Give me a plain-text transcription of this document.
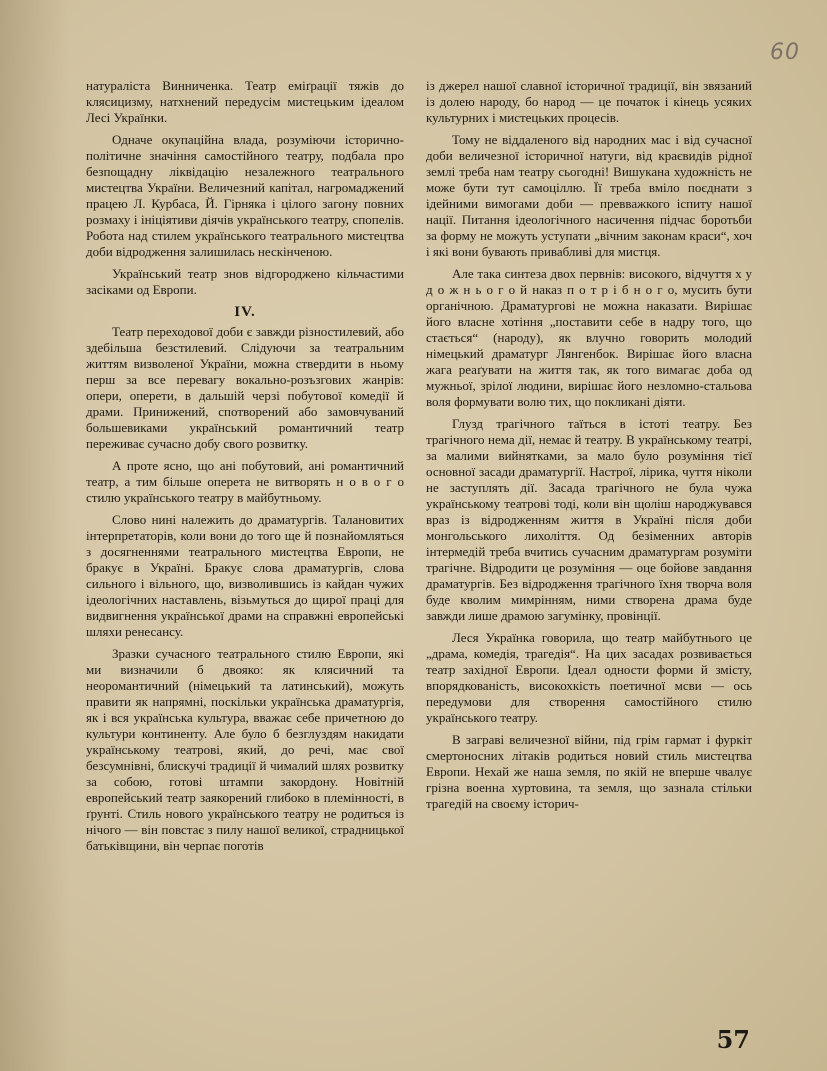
60

натураліста Винниченка. Театр еміґрації тяжів до клясицизму, натхнений передусім мистецьким ідеалом Лесі Українки.

Одначе окупаційна влада, розуміючи історично-політичне значіння самостійного театру, подбала про безпощадну ліквідацію незалежного театрального мистецтва України. Величезний капітал, нагромаджений працею Л. Курбаса, Й. Гірняка і цілого загону повних розмаху і ініціятиви діячів українського театру, спопелів. Робота над стилем українського театрального мистецтва доби відродження залишилась нескінченою.

Український театр знов відгороджено кільчастими засіками од Европи.

IV.

Театр переходової доби є завжди різностилевий, або здебільша безстилевий. Слідуючи за театральним життям визволеної України, можна ствердити в ньому перш за все перевагу вокально-розъзгових жанрів: опери, оперети, в дальшій черзі побутової комедії й драми. Принижений, спотворений або замовчуваний большевиками український романтичний театр переживає сучасно добу свого розвитку.

А проте ясно, що ані побутовий, ані романтичний театр, а тим більше оперета не витворять н о в о г о стилю українського театру в майбутньому.

Слово нині належить до драматургів. Талановитих інтерпретаторів, коли вони до того ще й познайомляться з досягненнями театрального мистецтва Европи, не бракує в Україні. Бракує слова драматургів, слова сильного і вільного, що, визволившись із кайдан чужих ідеологічних наставлень, візьмуться до щирої праці для видвигнення української драми на справжні европейські шляхи ренесансу.

Зразки сучасного театрального стилю Европи, які ми визначили б двояко: як клясичний та неоромантичний (німецький та латинський), можуть правити як напрямні, поскільки українська драматургія, як і вся українська культура, вважає себе причетною до культури континенту. Але було б безглуздям накидати українському театрові, який, до речі, має свої безсумнівні, блискучі традиції й чималий шлях розвитку за собою, готові штампи закордону. Новітній европейський театр заякорений глибоко в племінності, в ґрунті. Стиль нового українського театру не родиться із нічого — він повстає з пилу нашої великої, страдницької батьківщини, він черпає поготів

із джерел нашої славної історичної традиції, він звязаний із долею народу, бо народ — це початок і кінець усяких культурних і мистецьких процесів.

Тому не віддаленого від народних мас і від сучасної доби величезної історичної натуги, від краєвидів рідної землі треба нам театру сьогодні! Вишукана художність не може бути тут самоціллю. Її треба вміло поєднати з ідейними вимогами доби — превважкого іспиту нашої нації. Питання ідеологічного насичення підчас боротьби за форму не можуть уступати „вічним законам краси“, хоч і які вони бувають привабливі для мистця.

Але така синтеза двох первнів: високого, відчуття х у д о ж н ь о г о й наказ п о т р і б н о г о, мусить бути органічною. Драматургові не можна наказати. Вирішає його власне хотіння „поставити себе в надру того, що стається“ (народу), як влучно говорить молодий німецький драматург Лянгенбок. Вирішає його власна жага реаґувати на життя так, як того вимагає доба од мужньої, зрілої людини, вирішає його незломно-стальова воля формувати волю тих, що покликані діяти.

Глузд трагічного таїться в істоті театру. Без трагічного нема дії, немає й театру. В українському театрі, за малими вийнятками, за мало було розуміння тієї основної засади драматургії. Настрої, лірика, чуття ніколи не заступлять дії. Засада трагічного не була чужа українському театрові тоді, коли він щоліш народжувався враз із відродженням життя в Україні після доби монгольського лихоліття. Од безіменних авторів інтермедій треба вчитись сучасним драматургам розуміти трагічне. Відродити це розуміння — оце бойове завдання драматургів. Без відродження трагічного їхня творча воля буде кволим мимрінням, ними створена драма буде завжди лише драмою загумінку, провінції.

Леся Українка говорила, що театр майбутнього це „драма, комедія, трагедія“. На цих засадах розвивається театр західної Европи. Ідеал одности форми й змісту, впорядкованість, високохкість поетичної мсви — ось передумови для створення самостійного стилю українського театру.

В заграві величезної війни, під грім гармат і фуркіт смертоносних літаків родиться новий стиль мистецтва Европи. Нехай же наша земля, по якій не вперше чвалує грізна военна хуртовина, та земля, що зазнала стільки трагедій на своєму історич-

57
